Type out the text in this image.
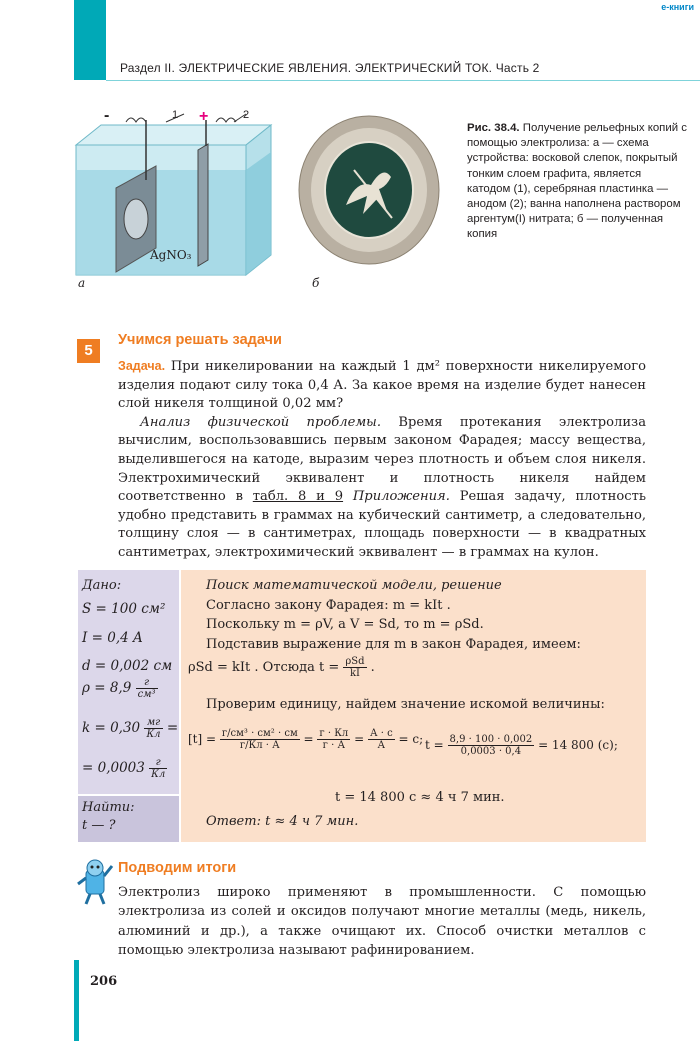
Раздел II. ЭЛЕКТРИЧЕСКИЕ ЯВЛЕНИЯ. ЭЛЕКТРИЧЕСКИЙ ТОК. Часть 2
e-книги
-	+
1	2
AgNO₃
а	б
Рис. 38.4. Получение рельефных копий с помощью электролиза: а — схема устройства: восковой слепок, покрытый тонким слоем графита, является катодом (1), серебряная пластинка — анодом (2); ванна наполнена раствором аргентум(I) нитрата; б — полученная копия
5
Учимся решать задачи

Задача. При никелировании на каждый 1 дм² поверхности никелируемого изделия подают силу тока 0,4 А. За какое время на изделие будет нанесен слой никеля толщиной 0,02 мм?

Анализ физической проблемы. Время протекания электролиза вычислим, воспользовавшись первым законом Фарадея; массу вещества, выделившегося на катоде, выразим через плотность и объем слоя никеля. Электрохимический эквивалент и плотность никеля найдем соответственно в табл. 8 и 9 Приложения. Решая задачу, плотность удобно представить в граммах на кубический сантиметр, а следовательно, толщину слоя — в сантиметрах, площадь поверхности — в квадратных сантиметрах, электрохимический эквивалент — в граммах на кулон.

Дано:
S = 100 см²
I = 0,4 A
d = 0,002 см
$\rho = 8,9 \frac{г}{\text{см³}}$
$k = 0,30 \frac{мг}{Кл}$ =
= $0,0003 \frac{г}{Кл}$
Найти:
t — ?
Поиск математической модели, решение
Согласно закону Фарадея: m = kIt .
Поскольку m = ρV, а V = Sd, то m = ρSd.
Подставив выражение для m в закон Фарадея, имеем:
ρSd = kIt . Отсюда $t = \frac{\text{ρSd}}{kI}$ .
Проверим единицу, найдем значение искомой величины:
$[t] = \frac{\text{г/см³ · см² · см}}{г/Кл \cdot А} = \frac{г \cdot Кл}{г \cdot А} = \frac{А \cdot с}{А} = с$; $t = \frac{8,9 \cdot 100 \cdot 0,002}{0,0003 \cdot 0,4} = 14$ 800 (с);
t = 14 800 с ≈ 4 ч 7 мин.
Ответ: t ≈ 4 ч 7 мин.
Подводим итоги
Электролиз широко применяют в промышленности. С помощью электролиза из солей и оксидов получают многие металлы (медь, никель, алюминий и др.), а также очищают их. Способ очистки металлов с помощью электролиза называют рафинированием.
206
